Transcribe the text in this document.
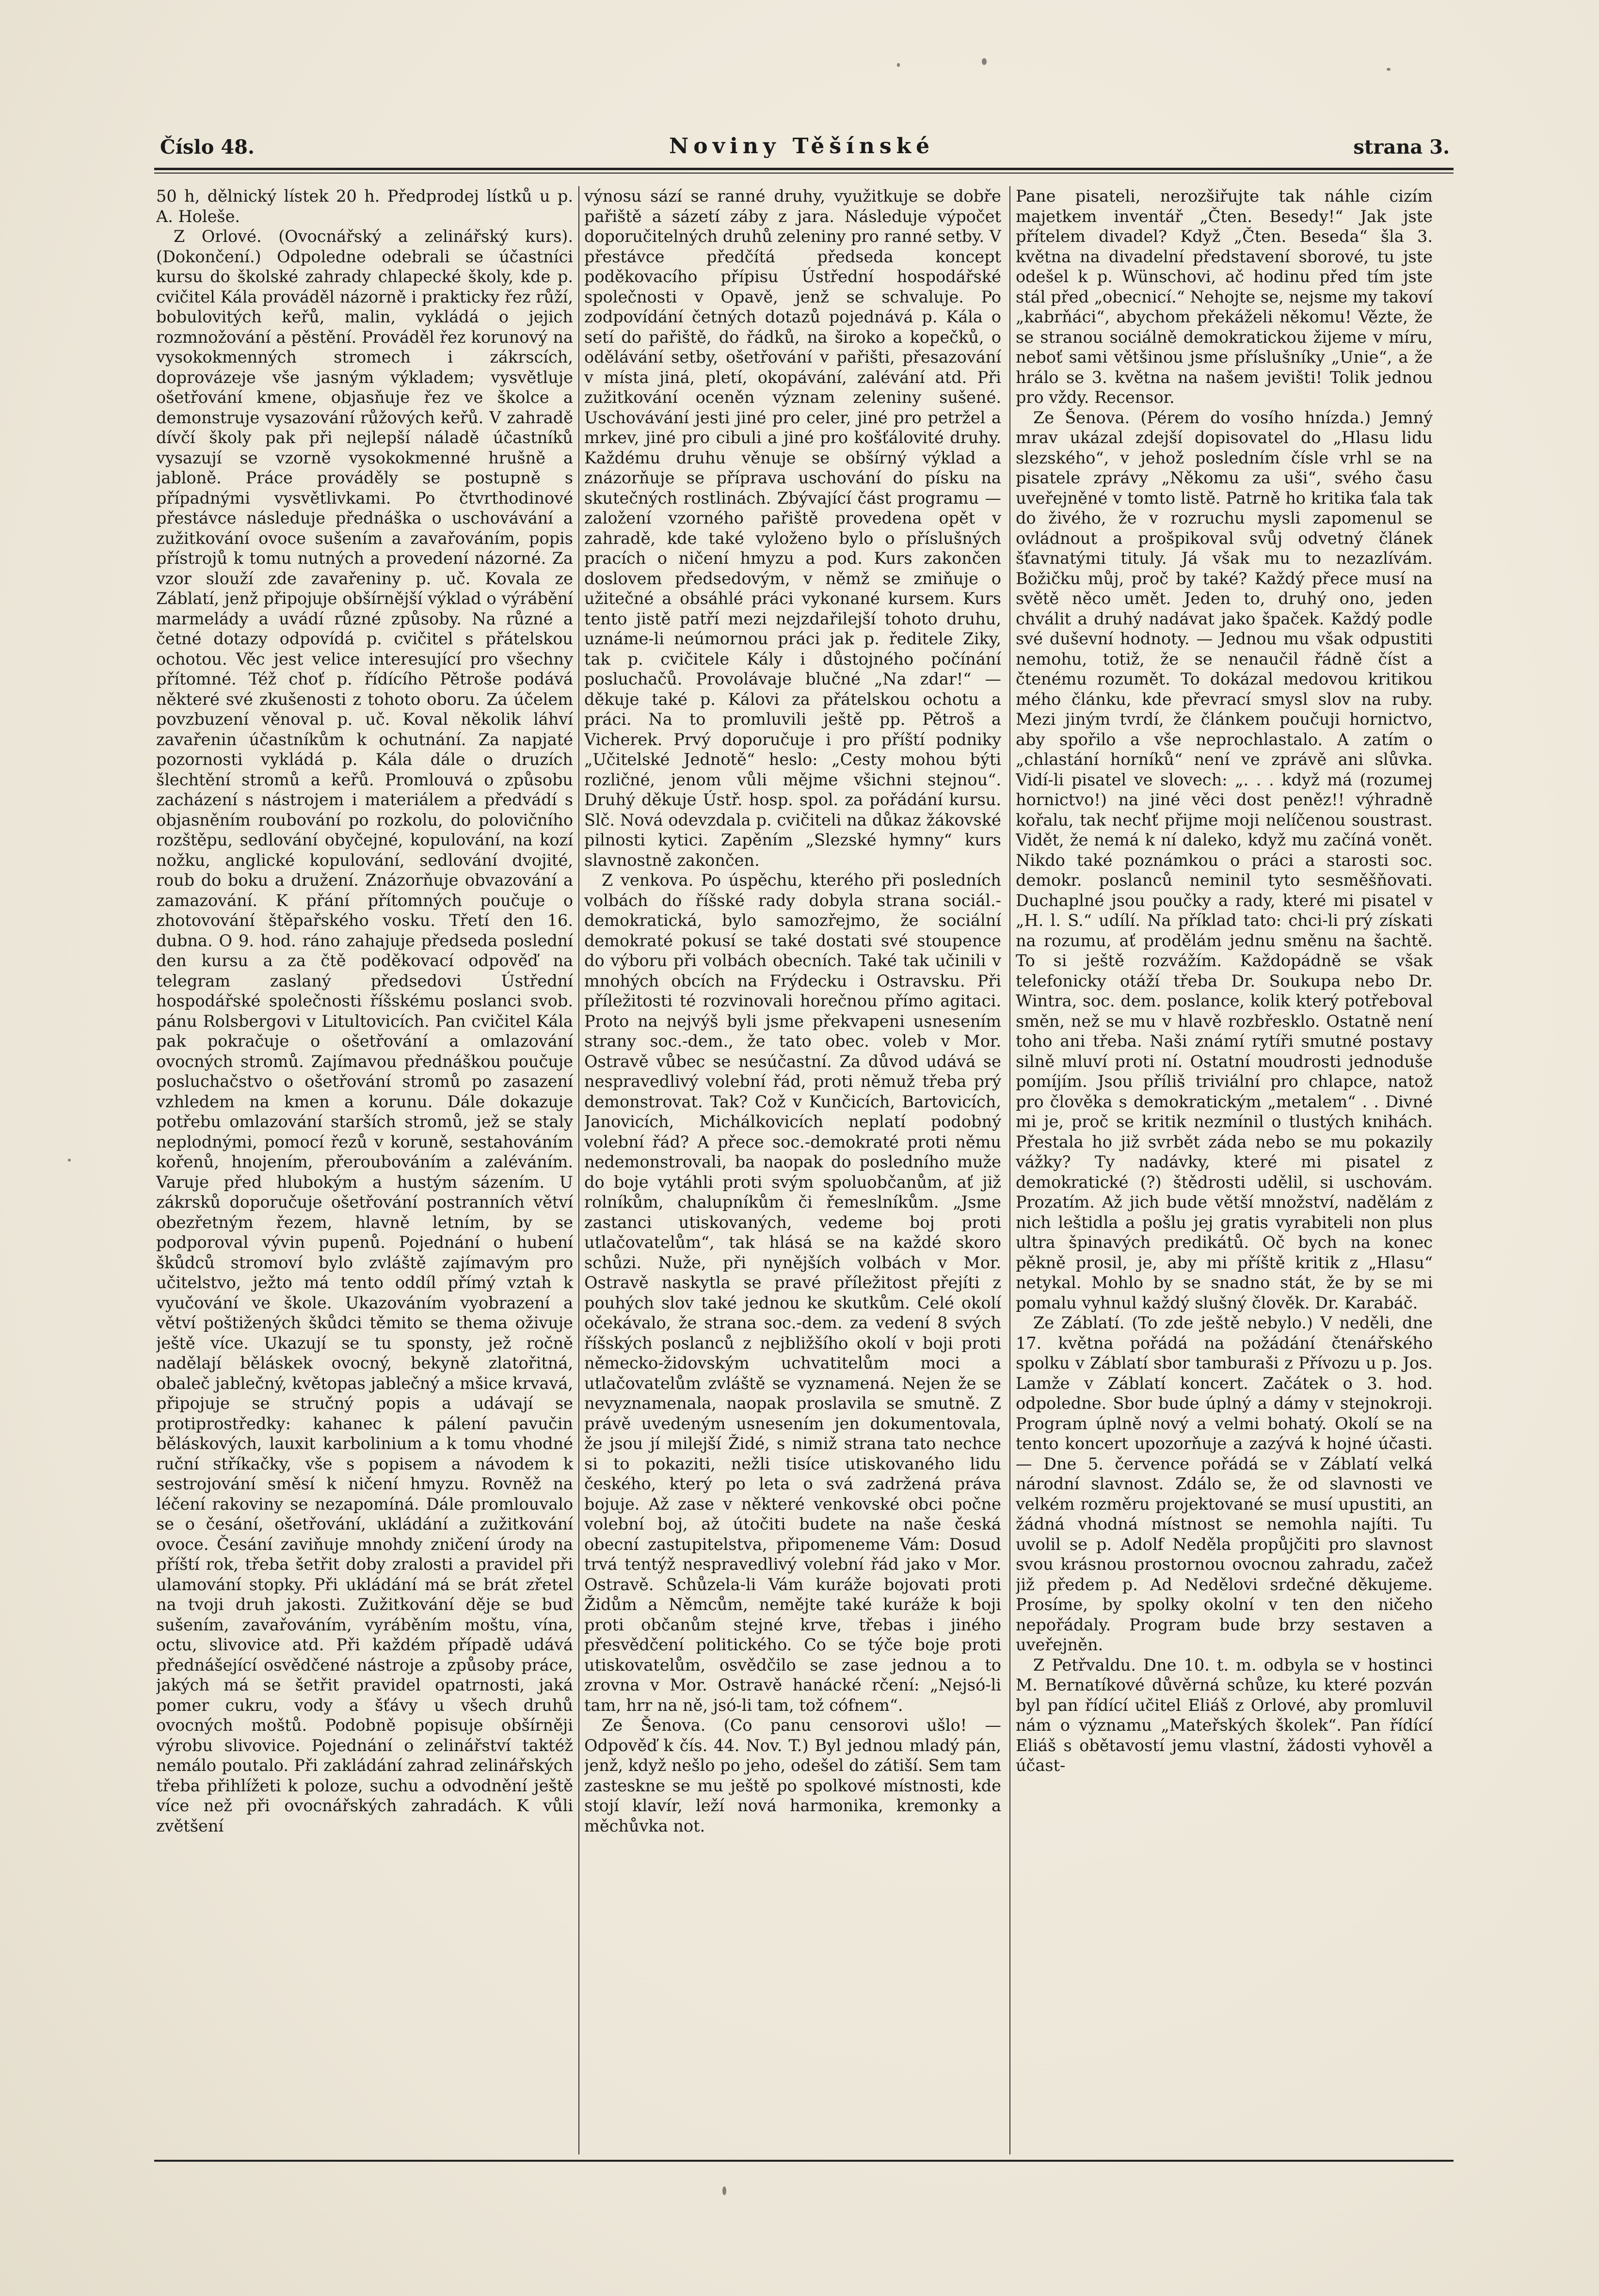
Číslo 48.	Noviny Těšínské	strana 3.

50 h, dělnický lístek 20 h. Předprodej lístků u p. A. Holeše.

Z Orlové. (Ovocnářský a zelinářský kurs). (Dokončení.) Odpoledne odebrali se účastníci kursu do školské zahrady chlapecké školy, kde p. cvičitel Kála prováděl názorně i prakticky řez růží, bobulovitých keřů, malin, vykládá o jejich rozmnožování a pěstění. Prováděl řez korunový na vysokokmenných stromech i zákrscích, doprovázeje vše jasným výkladem; vysvětluje ošetřování kmene, objasňuje řez ve školce a demonstruje vysazování růžových keřů. V zahradě dívčí školy pak při nejlepší náladě účastníků vysazují se vzorně vysokokmenné hrušně a jabloně. Práce prováděly se postupně s případnými vysvětlivkami. Po čtvrthodinové přestávce následuje přednáška o uschovávání a zužitkování ovoce sušením a zavařováním, popis přístrojů k tomu nutných a provedení názorné. Za vzor slouží zde zavařeniny p. uč. Kovala ze Záblatí, jenž připojuje obšírnější výklad o výrábění marmelády a uvádí různé způsoby. Na různé a četné dotazy odpovídá p. cvičitel s přátelskou ochotou. Věc jest velice interesující pro všechny přítomné. Též choť p. řídícího Pětroše podává některé své zkušenosti z tohoto oboru. Za účelem povzbuzení věnoval p. uč. Koval několik láhví zavařenin účastníkům k ochutnání. Za napjaté pozornosti vykládá p. Kála dále o druzích šlechtění stromů a keřů. Promlouvá o způsobu zacházení s nástrojem i materiálem a předvádí s objasněním roubování po rozkolu, do polovičního rozštěpu, sedlování obyčejné, kopulování, na kozí nožku, anglické kopulování, sedlování dvojité, roub do boku a družení. Znázorňuje obvazování a zamazování. K přání přítomných poučuje o zhotovování štěpařského vosku. Třetí den 16. dubna. O 9. hod. ráno zahajuje předseda poslední den kursu a za čtě poděkovací odpověď na telegram zaslaný předsedovi Ústřední hospodářské společnosti říšskému poslanci svob. pánu Rolsbergovi v Litultovicích. Pan cvičitel Kála pak pokračuje o ošetřování a omlazování ovocných stromů. Zajímavou přednáškou poučuje posluchačstvo o ošetřování stromů po zasazení vzhledem na kmen a korunu. Dále dokazuje potřebu omlazování starších stromů, jež se staly neplodnými, pomocí řezů v koruně, sestahováním kořenů, hnojením, přeroubováním a zaléváním. Varuje před hlubokým a hustým sázením. U zákrsků doporučuje ošetřování postranních větví obezřetným řezem, hlavně letním, by se podporoval vývin pupenů. Pojednání o hubení škůdců stromoví bylo zvláště zajímavým pro učitelstvo, ježto má tento oddíl přímý vztah k vyučování ve škole. Ukazováním vyobrazení a větví poštižených škůdci těmito se thema oživuje ještě více. Ukazují se tu sponsty, jež ročně nadělají běláskek ovocný, bekyně zlatořitná, obaleč jablečný, květopas jablečný a mšice krvavá, připojuje se stručný popis a udávají se protiprostředky: kahanec k pálení pavučin běláskových, lauxit karbolinium a k tomu vhodné ruční stříkačky, vše s popisem a návodem k sestrojování směsí k ničení hmyzu. Rovněž na léčení rakoviny se nezapomíná. Dále promlouvalo se o česání, ošetřování, ukládání a zužitkování ovoce. Česání zaviňuje mnohdy zničení úrody na příští rok, třeba šetřit doby zralosti a pravidel při ulamování stopky. Při ukládání má se brát zřetel na tvoji druh jakosti. Zužitkování děje se buď sušením, zavařováním, vyráběním moštu, vína, octu, slivovice atd. Při každém případě udává přednášející osvědčené nástroje a způsoby práce, jakých má se šetřit pravidel opatrnosti, jaká pomer cukru, vody a šťávy u všech druhů ovocných moštů. Podobně popisuje obšírněji výrobu slivovice. Pojednání o zelinářství taktéž nemálo poutalo. Při zakládání zahrad zelinářských třeba přihlížeti k poloze, suchu a odvodnění ještě více než při ovocnářských zahradách. K vůli zvětšení

výnosu sází se ranné druhy, využitkuje se dobře pařiště a sázetí záby z jara. Následuje výpočet doporučitelných druhů zeleniny pro ranné setby. V přestávce předčítá předseda koncept poděkovacího přípisu Ústřední hospodářské společnosti v Opavě, jenž se schvaluje. Po zodpovídání četných dotazů pojednává p. Kála o setí do pařiště, do řádků, na široko a kopečků, o odělávání setby, ošetřování v pařišti, přesazování v místa jiná, pletí, okopávání, zalévání atd. Při zužitkování oceněn význam zeleniny sušené. Uschovávání jesti jiné pro celer, jiné pro petržel a mrkev, jiné pro cibuli a jiné pro košťálovité druhy. Každému druhu věnuje se obšírný výklad a znázorňuje se příprava uschování do písku na skutečných rostlinách. Zbývající část programu — založení vzorného pařiště provedena opět v zahradě, kde také vyloženo bylo o příslušných pracích o ničení hmyzu a pod. Kurs zakončen doslovem předsedovým, v němž se zmiňuje o užitečné a obsáhlé práci vykonané kursem. Kurs tento jistě patří mezi nejzdařilejší tohoto druhu, uznáme-li neúmornou práci jak p. ředitele Ziky, tak p. cvičitele Kály i důstojného počínání posluchačů. Provolávaje blučné „Na zdar!“ — děkuje také p. Kálovi za přátelskou ochotu a práci. Na to promluvili ještě pp. Pětroš a Vicherek. Prvý doporučuje i pro příští podniky „Učitelské Jednotě“ heslo: „Cesty mohou býti rozličné, jenom vůli mějme všichni stejnou“. Druhý děkuje Ústř. hosp. spol. za pořádání kursu. Slč. Nová odevzdala p. cvičiteli na důkaz žákovské pilnosti kytici. Zapěním „Slezské hymny“ kurs slavnostně zakončen.

Z venkova. Po úspěchu, kterého při posledních volbách do říšské rady dobyla strana sociál.-demokratická, bylo samozřejmo, že sociální demokraté pokusí se také dostati své stoupence do výboru při volbách obecních. Také tak učinili v mnohých obcích na Frýdecku i Ostravsku. Při příležitosti té rozvinovali horečnou přímo agitaci. Proto na nejvýš byli jsme překvapeni usnesením strany soc.-dem., že tato obec. voleb v Mor. Ostravě vůbec se nesúčastní. Za důvod udává se nespravedlivý volební řád, proti němuž třeba prý demonstrovat. Tak? Což v Kunčicích, Bartovicích, Janovicích, Michálkovicích neplatí podobný volební řád? A přece soc.-demokraté proti němu nedemonstrovali, ba naopak do posledního muže do boje vytáhli proti svým spoluobčanům, ať již rolníkům, chalupníkům či řemeslníkům. „Jsme zastanci utiskovaných, vedeme boj proti utlačovatelům“, tak hlásá se na každé skoro schůzi. Nuže, při nynějších volbách v Mor. Ostravě naskytla se pravé příležitost přejíti z pouhých slov také jednou ke skutkům. Celé okolí očekávalo, že strana soc.-dem. za vedení 8 svých říšských poslanců z nejbližšího okolí v boji proti německo-židovským uchvatitelům moci a utlačovatelům zvláště se vyznamená. Nejen že se nevyznamenala, naopak proslavila se smutně. Z právě uvedeným usnesením jen dokumentovala, že jsou jí milejší Židé, s nimiž strana tato nechce si to pokaziti, nežli tisíce utiskovaného lidu českého, který po leta o svá zadržená práva bojuje. Až zase v některé venkovské obci počne volební boj, až útočiti budete na naše česká obecní zastupitelstva, připomeneme Vám: Dosud trvá tentýž nespravedlivý volební řád jako v Mor. Ostravě. Schůzela-li Vám kuráže bojovati proti Židům a Němcům, nemějte také kuráže k boji proti občanům stejné krve, třebas i jiného přesvědčení politického. Co se týče boje proti utiskovatelům, osvědčilo se zase jednou a to zrovna v Mor. Ostravě hanácké rčení: „Nejsó-li tam, hrr na ně, jsó-li tam, tož cófnem“.

Ze Šenova. (Co panu censorovi ušlo! — Odpověď k čís. 44. Nov. T.) Byl jednou mladý pán, jenž, když nešlo po jeho, odešel do zátiší. Sem tam zasteskne se mu ještě po spolkové místnosti, kde stojí klavír, leží nová harmonika, kremonky a měchůvka not.

Pane pisateli, nerozšiřujte tak náhle cizím majetkem inventář „Čten. Besedy!“ Jak jste přítelem divadel? Když „Čten. Beseda“ šla 3. května na divadelní představení sborové, tu jste odešel k p. Wünschovi, ač hodinu před tím jste stál před „obecnicí.“ Nehojte se, nejsme my takoví „kabrňáci“, abychom překáželi někomu! Vězte, že se stranou sociálně demokratickou žijeme v míru, neboť sami většinou jsme příslušníky „Unie“, a že hrálo se 3. května na našem jevišti! Tolik jednou pro vždy. Recensor.

Ze Šenova. (Pérem do vosího hnízda.) Jemný mrav ukázal zdejší dopisovatel do „Hlasu lidu slezského“, v jehož posledním čísle vrhl se na pisatele zprávy „Někomu za uši“, svého času uveřejněné v tomto listě. Patrně ho kritika ťala tak do živého, že v rozruchu mysli zapomenul se ovládnout a prošpikoval svůj odvetný článek šťavnatými tituly. Já však mu to nezazlívám. Božičku můj, proč by také? Každý přece musí na světě něco umět. Jeden to, druhý ono, jeden chválit a druhý nadávat jako špaček. Každý podle své duševní hodnoty. — Jednou mu však odpustiti nemohu, totiž, že se nenaučil řádně číst a čtenému rozumět. To dokázal medovou kritikou mého článku, kde převrací smysl slov na ruby. Mezi jiným tvrdí, že článkem poučuji hornictvo, aby spořilo a vše neprochlastalo. A zatím o „chlastání horníků“ není ve zprávě ani slůvka. Vidí-li pisatel ve slovech: „. . . když má (rozumej hornictvo!) na jiné věci dost peněz!! výhradně kořalu, tak nechť přijme moji nelíčenou soustrast. Vidět, že nemá k ní daleko, když mu začíná vonět. Nikdo také poznámkou o práci a starosti soc. demokr. poslanců neminil tyto sesměšňovati. Duchaplné jsou poučky a rady, které mi pisatel v „H. l. S.“ udílí. Na příklad tato: chci-li prý získati na rozumu, ať prodělám jednu směnu na šachtě. To si ještě rozvážím. Každopádně se však telefonicky otáží třeba Dr. Soukupa nebo Dr. Wintra, soc. dem. poslance, kolik který potřeboval směn, než se mu v hlavě rozbřesklo. Ostatně není toho ani třeba. Naši známí rytíři smutné postavy silně mluví proti ní. Ostatní moudrosti jednoduše pomíjím. Jsou příliš triviální pro chlapce, natož pro člověka s demokratickým „metalem“ . . Divné mi je, proč se kritik nezmínil o tlustých knihách. Přestala ho již svrbět záda nebo se mu pokazily vážky? Ty nadávky, které mi pisatel z demokratické (?) štědrosti udělil, si uschovám. Prozatím. Až jich bude větší množství, nadělám z nich leštidla a pošlu jej gratis vyrabiteli non plus ultra špinavých predikátů. Oč bych na konec pěkně prosil, je, aby mi příště kritik z „Hlasu“ netykal. Mohlo by se snadno stát, že by se mi pomalu vyhnul každý slušný člověk. Dr. Karabáč.

Ze Záblatí. (To zde ještě nebylo.) V neděli, dne 17. května pořádá na požádání čtenářského spolku v Záblatí sbor tamburaši z Přívozu u p. Jos. Lamže v Záblatí koncert. Začátek o 3. hod. odpoledne. Sbor bude úplný a dámy v stejnokroji. Program úplně nový a velmi bohatý. Okolí se na tento koncert upozorňuje a zazývá k hojné účasti. — Dne 5. července pořádá se v Záblatí velká národní slavnost. Zdálo se, že od slavnosti ve velkém rozměru projektované se musí upustiti, an žádná vhodná místnost se nemohla najíti. Tu uvolil se p. Adolf Neděla propůjčiti pro slavnost svou krásnou prostornou ovocnou zahradu, začež již předem p. Ad Nedělovi srdečné děkujeme. Prosíme, by spolky okolní v ten den ničeho nepořádaly. Program bude brzy sestaven a uveřejněn.

Z Petřvaldu. Dne 10. t. m. odbyla se v hostinci M. Bernatíkové důvěrná schůze, ku které pozván byl pan řídící učitel Eliáš z Orlové, aby promluvil nám o významu „Mateřských školek“. Pan řídící Eliáš s obětavostí jemu vlastní, žádosti vyhověl a účast-
